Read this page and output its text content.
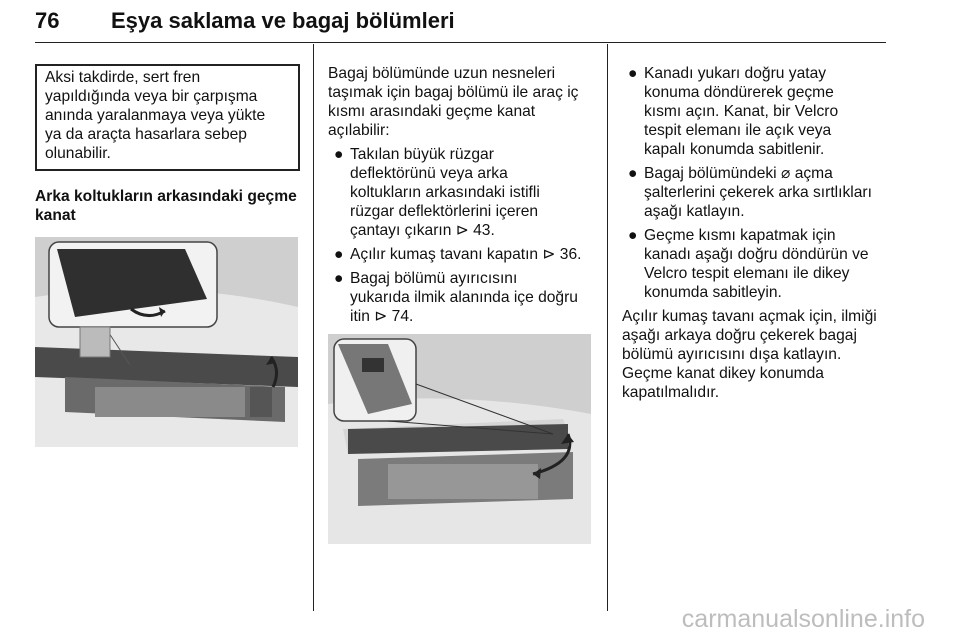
76 Eşya saklama ve bagaj bölümleri

Aksi takdirde, sert fren

yapıldığında veya bir çarpışma

anında yaralanmaya veya yükte

ya da araçta hasarlara sebep

olunabilir.

Arka koltukların arkasındaki geçme

kanat

Bagaj bölümünde uzun nesneleri

taşımak için bagaj bölümü ile araç iç

kısmı arasındaki geçme kanat

açılabilir:

● Takılan büyük rüzgar

deflektörünü veya arka

koltukların arkasındaki istifli

rüzgar deflektörlerini içeren

çantayı çıkarın ⊳ 43.

● Açılır kumaş tavanı kapatın ⊳ 36.

● Bagaj bölümü ayırıcısını

yukarıda ilmik alanında içe doğru

itin ⊳ 74.

● Kanadı yukarı doğru yatay

konuma döndürerek geçme

kısmı açın. Kanat, bir Velcro

tespit elemanı ile açık veya

kapalı konumda sabitlenir.

● Bagaj bölümündeki ⌀ açma

şalterlerini çekerek arka sırtlıkları

aşağı katlayın.

● Geçme kısmı kapatmak için

kanadı aşağı doğru döndürün ve

Velcro tespit elemanı ile dikey

konumda sabitleyin.

Açılır kumaş tavanı açmak için, ilmiği

aşağı arkaya doğru çekerek bagaj

bölümü ayırıcısını dışa katlayın.

Geçme kanat dikey konumda

kapatılmalıdır.

carmanualsonline.info
